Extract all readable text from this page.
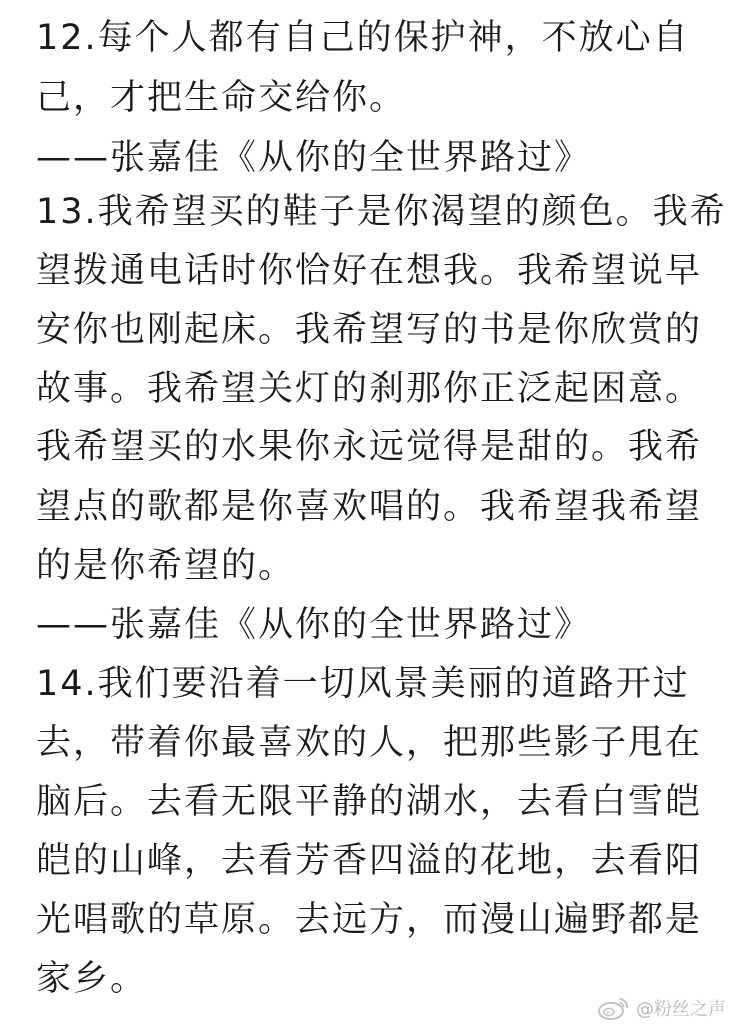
12.每个人都有自己的保护神，不放心自
己，才把生命交给你。
——张嘉佳《从你的全世界路过》
13.我希望买的鞋子是你渴望的颜色。我希
望拨通电话时你恰好在想我。我希望说早
安你也刚起床。我希望写的书是你欣赏的
故事。我希望关灯的刹那你正泛起困意。
我希望买的水果你永远觉得是甜的。我希
望点的歌都是你喜欢唱的。我希望我希望
的是你希望的。
——张嘉佳《从你的全世界路过》
14.我们要沿着一切风景美丽的道路开过
去，带着你最喜欢的人，把那些影子甩在
脑后。去看无限平静的湖水，去看白雪皑
皑的山峰，去看芳香四溢的花地，去看阳
光唱歌的草原。去远方，而漫山遍野都是
家乡。
@粉丝之声
